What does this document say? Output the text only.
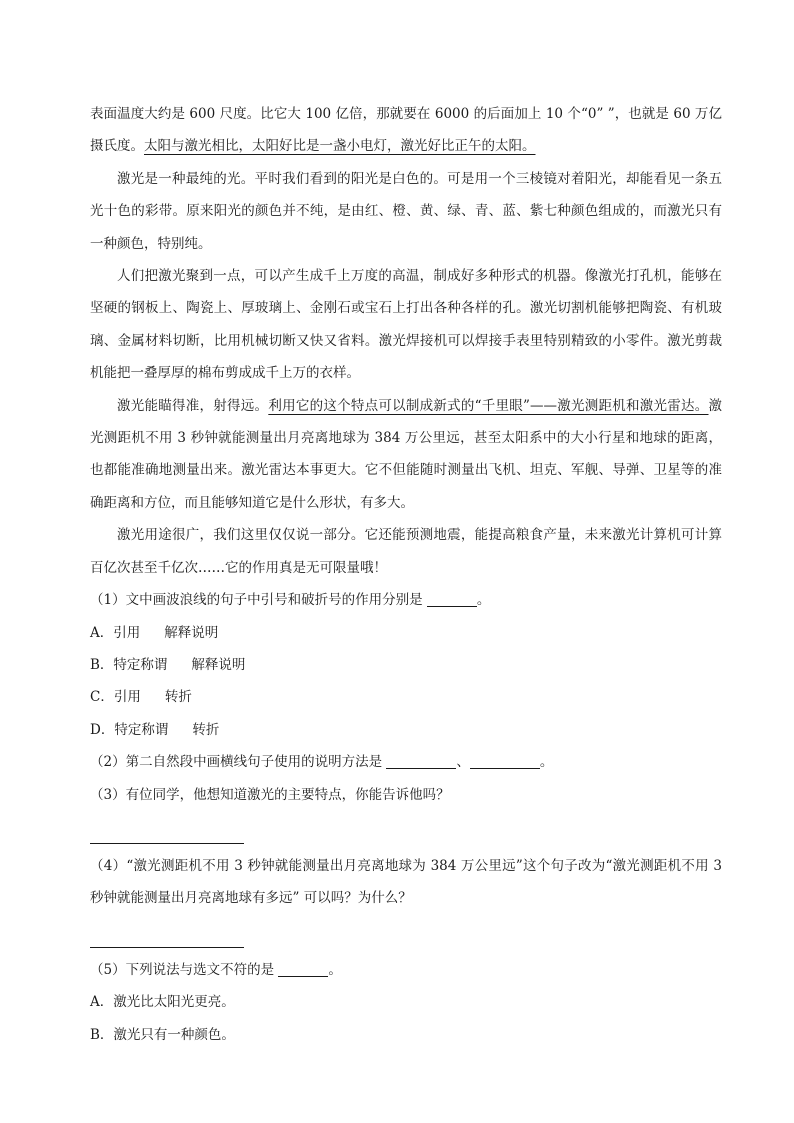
表面温度大约是 600 尺度。比它大 100 亿倍，那就要在 6000 的后面加上 10 个“0” ”，也就是 60 万亿摄氏度。太阳与激光相比，太阳好比是一盏小电灯，激光好比正午的太阳。

激光是一种最纯的光。平时我们看到的阳光是白色的。可是用一个三棱镜对着阳光，却能看见一条五光十色的彩带。原来阳光的颜色并不纯，是由红、橙、黄、绿、青、蓝、紫七种颜色组成的，而激光只有一种颜色，特别纯。

人们把激光聚到一点，可以产生成千上万度的高温，制成好多种形式的机器。像激光打孔机，能够在坚硬的钢板上、陶瓷上、厚玻璃上、金刚石或宝石上打出各种各样的孔。激光切割机能够把陶瓷、有机玻璃、金属材料切断，比用机械切断又快又省料。激光焊接机可以焊接手表里特别精致的小零件。激光剪裁机能把一叠厚厚的棉布剪成成千上万的衣样。

激光能瞄得准，射得远。利用它的这个特点可以制成新式的“千里眼”——激光测距机和激光雷达。激光测距机不用 3 秒钟就能测量出月亮离地球为 384 万公里远，甚至太阳系中的大小行星和地球的距离，也都能准确地测量出来。激光雷达本事更大。它不但能随时测量出飞机、坦克、军舰、导弹、卫星等的准确距离和方位，而且能够知道它是什么形状，有多大。

激光用途很广，我们这里仅仅说一部分。它还能预测地震，能提高粮食产量，未来激光计算机可计算百亿次甚至千亿次……它的作用真是无可限量哦！

（1）文中画波浪线的句子中引号和破折号的作用分别是	。

A．引用 解释说明

B．特定称谓 解释说明

C．引用 转折

D．特定称谓 转折

（2）第二自然段中画横线句子使用的说明方法是	、	。

（3）有位同学，他想知道激光的主要特点，你能告诉他吗？

（4）“激光测距机不用 3 秒钟就能测量出月亮离地球为 384 万公里远”这个句子改为“激光测距机不用 3 秒钟就能测量出月亮离地球有多远” 可以吗？为什么？

（5）下列说法与选文不符的是	。

A．激光比太阳光更亮。

B．激光只有一种颜色。
